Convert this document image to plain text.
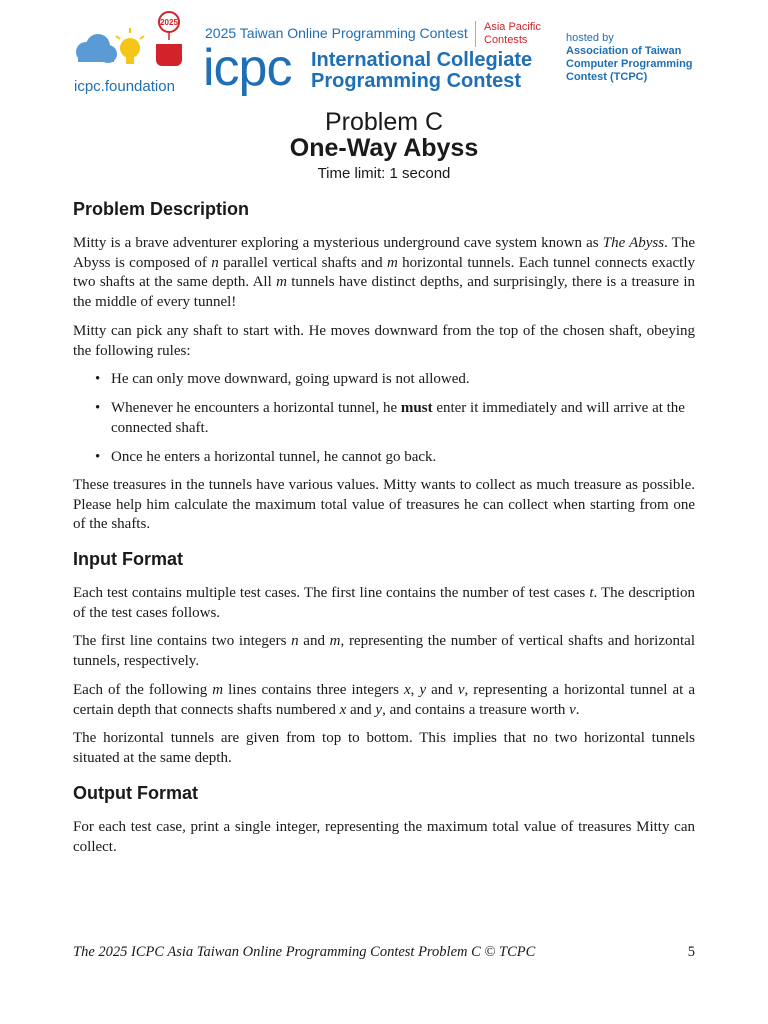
2025
icpc.foundation
2025 Taiwan Online Programming Contest	Asia Pacific Contests
icpc International Collegiate
Programming Contest
hosted by
Association of Taiwan Computer Programming Contest (TCPC)
Problem C
One-Way Abyss
Time limit: 1 second
Problem Description
Mitty is a brave adventurer exploring a mysterious underground cave system known as The Abyss. The Abyss is composed of n parallel vertical shafts and m horizontal tunnels. Each tunnel connects exactly two shafts at the same depth. All m tunnels have distinct depths, and surprisingly, there is a treasure in the middle of every tunnel!
Mitty can pick any shaft to start with. He moves downward from the top of the chosen shaft, obeying the following rules:
• He can only move downward, going upward is not allowed.
• Whenever he encounters a horizontal tunnel, he must enter it immediately and will arrive at the connected shaft.
• Once he enters a horizontal tunnel, he cannot go back.
These treasures in the tunnels have various values. Mitty wants to collect as much treasure as possible. Please help him calculate the maximum total value of treasures he can collect when starting from one of the shafts.
Input Format
Each test contains multiple test cases. The first line contains the number of test cases t. The description of the test cases follows.
The first line contains two integers n and m, representing the number of vertical shafts and horizontal tunnels, respectively.
Each of the following m lines contains three integers x, y and v, representing a horizontal tunnel at a certain depth that connects shafts numbered x and y, and contains a treasure worth v.
The horizontal tunnels are given from top to bottom. This implies that no two horizontal tunnels situated at the same depth.
Output Format
For each test case, print a single integer, representing the maximum total value of treasures Mitty can collect.
The 2025 ICPC Asia Taiwan Online Programming Contest Problem C © TCPC	5
